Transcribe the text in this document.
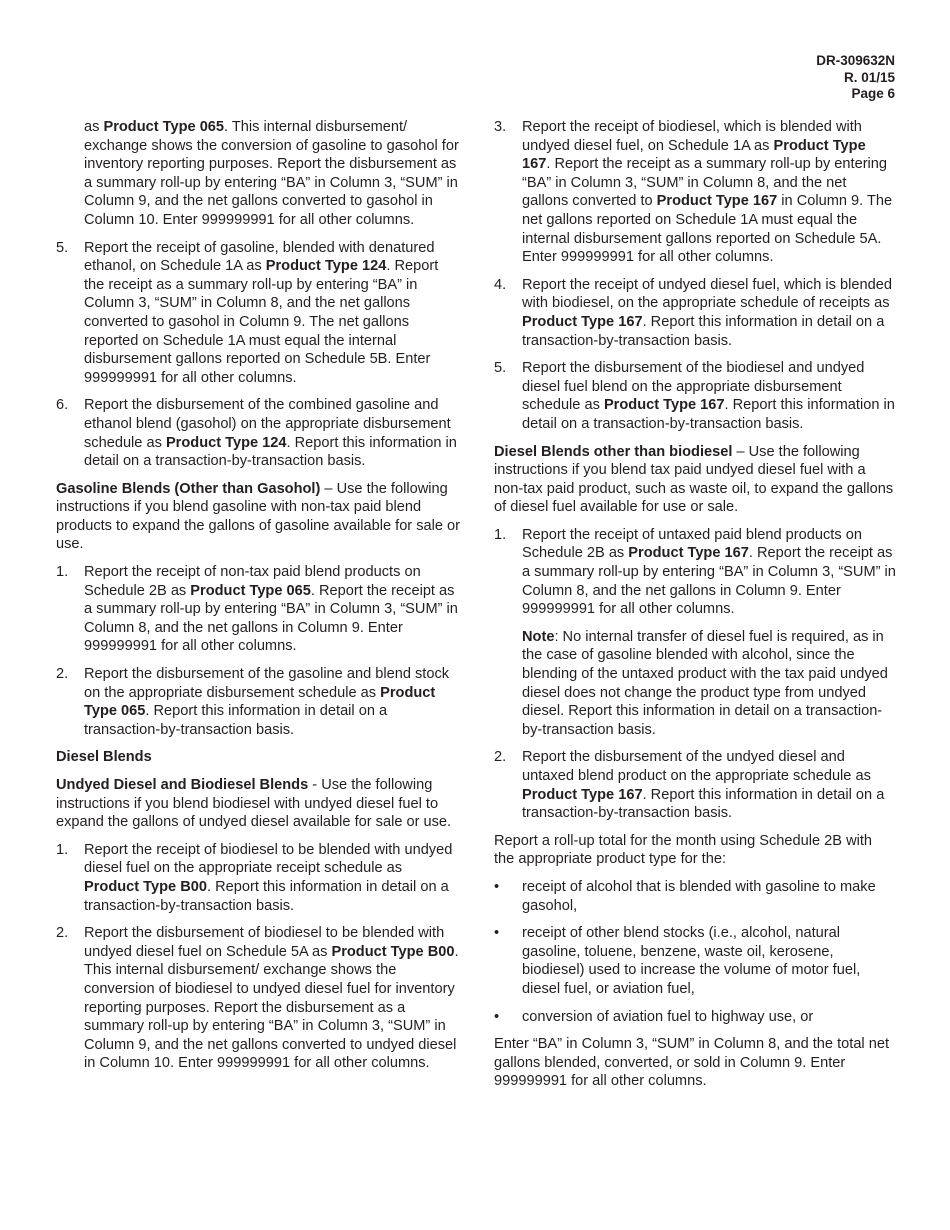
DR-309632N
R. 01/15
Page 6
as Product Type 065. This internal disbursement/ exchange shows the conversion of gasoline to gasohol for inventory reporting purposes. Report the disbursement as a summary roll-up by entering “BA” in Column 3, “SUM” in Column 9, and the net gallons converted to gasohol in Column 10. Enter 999999991 for all other columns.
5. Report the receipt of gasoline, blended with denatured ethanol, on Schedule 1A as Product Type 124. Report the receipt as a summary roll-up by entering “BA” in Column 3, “SUM” in Column 8, and the net gallons converted to gasohol in Column 9. The net gallons reported on Schedule 1A must equal the internal disbursement gallons reported on Schedule 5B. Enter 999999991 for all other columns.
6. Report the disbursement of the combined gasoline and ethanol blend (gasohol) on the appropriate disbursement schedule as Product Type 124. Report this information in detail on a transaction-by-transaction basis.

Gasoline Blends (Other than Gasohol) – Use the following instructions if you blend gasoline with non-tax paid blend products to expand the gallons of gasoline available for sale or use.

1. Report the receipt of non-tax paid blend products on Schedule 2B as Product Type 065. Report the receipt as a summary roll-up by entering “BA” in Column 3, “SUM” in Column 8, and the net gallons in Column 9. Enter 999999991 for all other columns.
2. Report the disbursement of the gasoline and blend stock on the appropriate disbursement schedule as Product Type 065. Report this information in detail on a transaction-by-transaction basis.
Diesel Blends

Undyed Diesel and Biodiesel Blends - Use the following instructions if you blend biodiesel with undyed diesel fuel to expand the gallons of undyed diesel available for sale or use.

1. Report the receipt of biodiesel to be blended with undyed diesel fuel on the appropriate receipt schedule as Product Type B00. Report this information in detail on a transaction-by-transaction basis.
2. Report the disbursement of biodiesel to be blended with undyed diesel fuel on Schedule 5A as Product Type B00. This internal disbursement/ exchange shows the conversion of biodiesel to undyed diesel fuel for inventory reporting purposes. Report the disbursement as a summary roll-up by entering “BA” in Column 3, “SUM” in Column 9, and the net gallons converted to undyed diesel in Column 10. Enter 999999991 for all other columns.
3. Report the receipt of biodiesel, which is blended with undyed diesel fuel, on Schedule 1A as Product Type 167. Report the receipt as a summary roll-up by entering “BA” in Column 3, “SUM” in Column 8, and the net gallons converted to Product Type 167 in Column 9. The net gallons reported on Schedule 1A must equal the internal disbursement gallons reported on Schedule 5A. Enter 999999991 for all other columns.
4. Report the receipt of undyed diesel fuel, which is blended with biodiesel, on the appropriate schedule of receipts as Product Type 167. Report this information in detail on a transaction-by-transaction basis.
5. Report the disbursement of the biodiesel and undyed diesel fuel blend on the appropriate disbursement schedule as Product Type 167. Report this information in detail on a transaction-by-transaction basis.

Diesel Blends other than biodiesel – Use the following instructions if you blend tax paid undyed diesel fuel with a non-tax paid product, such as waste oil, to expand the gallons of diesel fuel available for use or sale.

1. Report the receipt of untaxed paid blend products on Schedule 2B as Product Type 167. Report the receipt as a summary roll-up by entering “BA” in Column 3, “SUM” in Column 8, and the net gallons in Column 9. Enter 999999991 for all other columns.
Note: No internal transfer of diesel fuel is required, as in the case of gasoline blended with alcohol, since the blending of the untaxed product with the tax paid undyed diesel does not change the product type from undyed diesel. Report this information in detail on a transaction-by-transaction basis.
2. Report the disbursement of the undyed diesel and untaxed blend product on the appropriate schedule as Product Type 167. Report this information in detail on a transaction-by-transaction basis.

Report a roll-up total for the month using Schedule 2B with the appropriate product type for the:

• receipt of alcohol that is blended with gasoline to make gasohol,
• receipt of other blend stocks (i.e., alcohol, natural gasoline, toluene, benzene, waste oil, kerosene, biodiesel) used to increase the volume of motor fuel, diesel fuel, or aviation fuel,
• conversion of aviation fuel to highway use, or

Enter “BA” in Column 3, “SUM” in Column 8, and the total net gallons blended, converted, or sold in Column 9. Enter 999999991 for all other columns.
